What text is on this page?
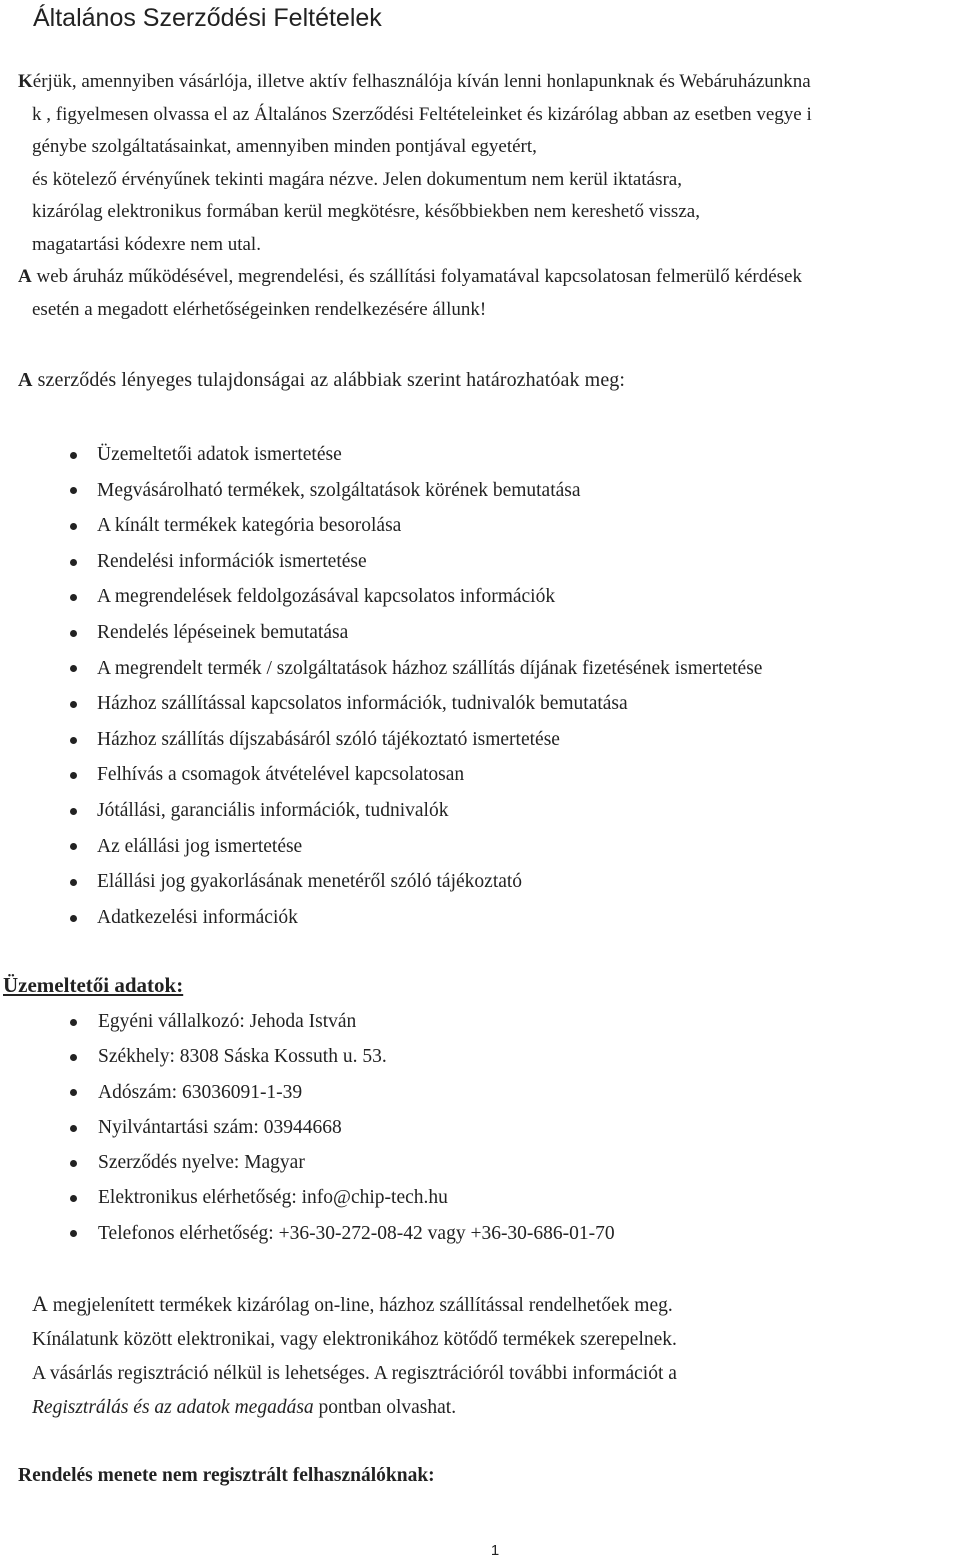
Általános Szerződési Feltételek

Kérjük, amennyiben vásárlója, illetve aktív felhasználója kíván lenni honlapunknak és Webáruházunkna

k , figyelmesen olvassa el az Általános Szerződési Feltételeinket és kizárólag abban az esetben vegye i

génybe szolgáltatásainkat, amennyiben minden pontjával egyetért,

és kötelező érvényűnek tekinti magára nézve. Jelen dokumentum nem kerül iktatásra,

kizárólag elektronikus formában kerül megkötésre, későbbiekben nem kereshető vissza,

magatartási kódexre nem utal.

A web áruház működésével, megrendelési, és szállítási folyamatával kapcsolatosan felmerülő kérdések

esetén a megadott elérhetőségeinken rendelkezésére állunk!

A szerződés lényeges tulajdonságai az alábbiak szerint határozhatóak meg:

Üzemeltetői adatok ismertetése
Megvásárolható termékek, szolgáltatások körének bemutatása
A kínált termékek kategória besorolása
Rendelési információk ismertetése
A megrendelések feldolgozásával kapcsolatos információk
Rendelés lépéseinek bemutatása
A megrendelt termék / szolgáltatások házhoz szállítás díjának fizetésének ismertetése
Házhoz szállítással kapcsolatos információk, tudnivalók bemutatása
Házhoz szállítás díjszabásáról szóló tájékoztató ismertetése
Felhívás a csomagok átvételével kapcsolatosan
Jótállási, garanciális információk, tudnivalók
Az elállási jog ismertetése
Elállási jog gyakorlásának menetéről szóló tájékoztató
Adatkezelési információk
Üzemeltetői adatok:
Egyéni vállalkozó: Jehoda István
Székhely: 8308 Sáska Kossuth u. 53.
Adószám: 63036091-1-39
Nyilvántartási szám: 03944668
Szerződés nyelve: Magyar
Elektronikus elérhetőség: info@chip-tech.hu
Telefonos elérhetőség: +36-30-272-08-42 vagy +36-30-686-01-70

A megjelenített termékek kizárólag on-line, házhoz szállítással rendelhetőek meg.

Kínálatunk között elektronikai, vagy elektronikához kötődő termékek szerepelnek.

A vásárlás regisztráció nélkül is lehetséges. A regisztrációról további információt a

Regisztrálás és az adatok megadása pontban olvashat.

Rendelés menete nem regisztrált felhasználóknak:
1
